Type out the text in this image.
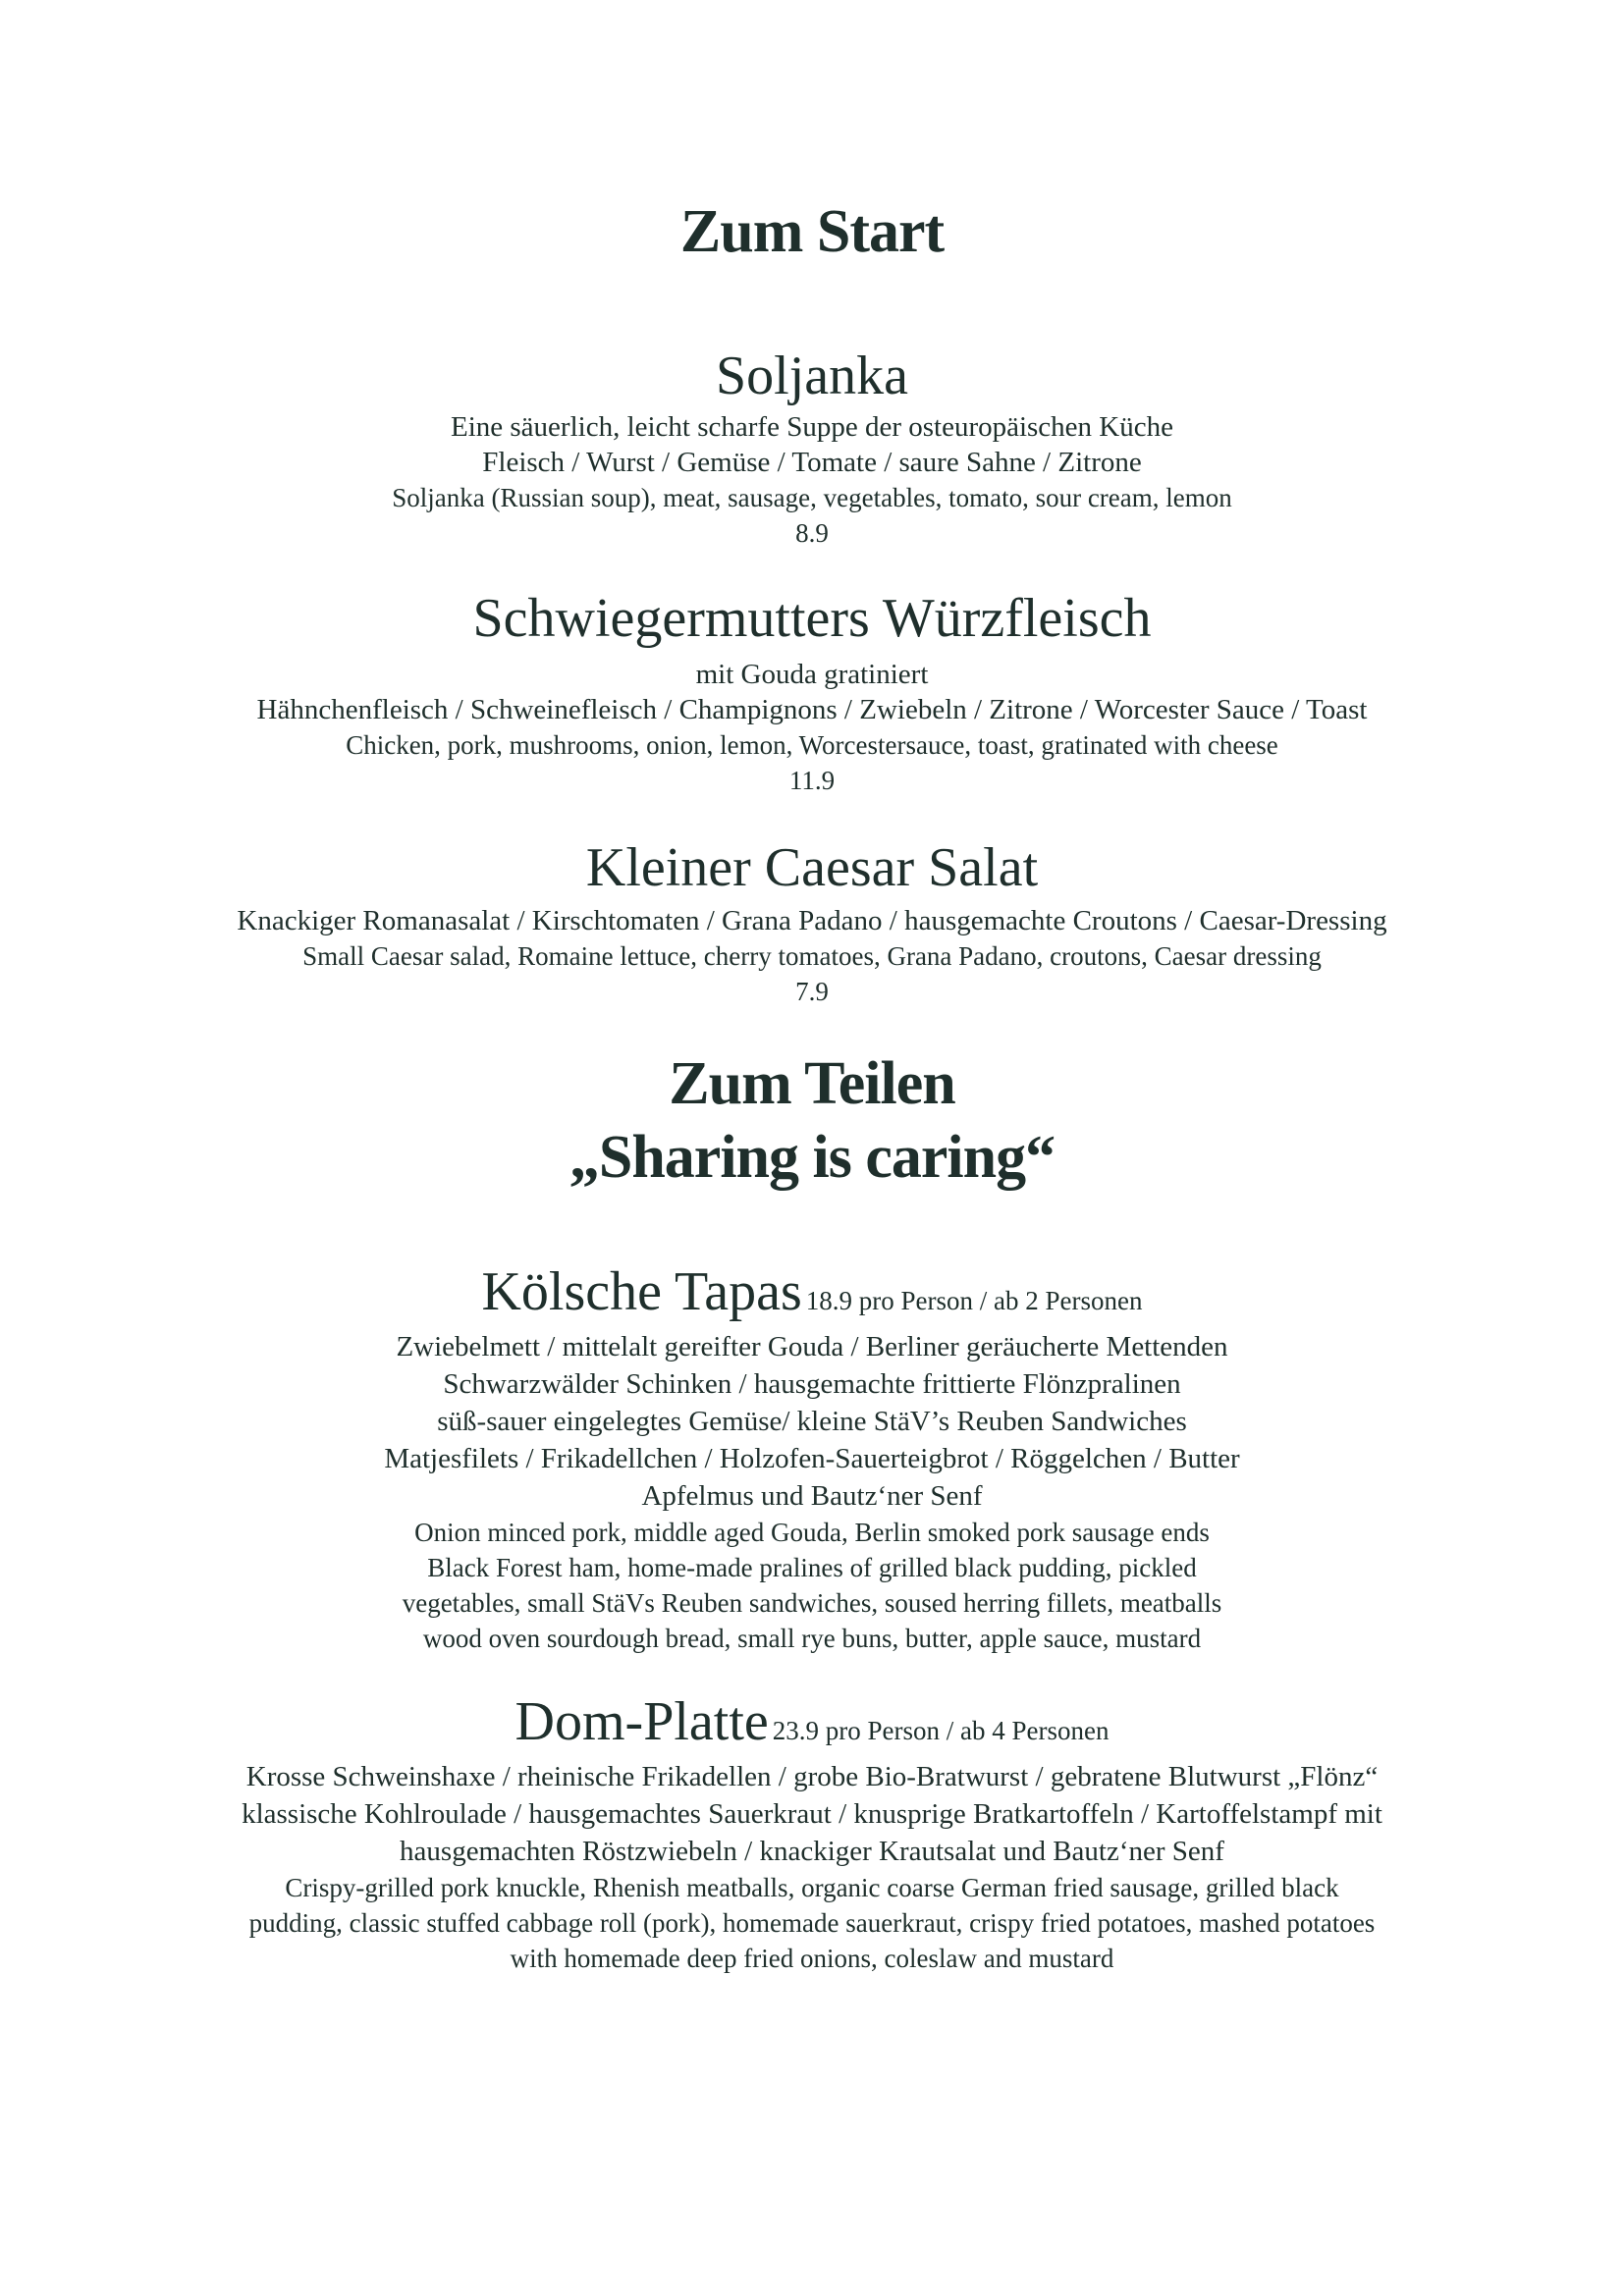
Zum Start
Soljanka
Eine säuerlich, leicht scharfe Suppe der osteuropäischen Küche
Fleisch / Wurst / Gemüse / Tomate / saure Sahne / Zitrone
Soljanka (Russian soup), meat, sausage, vegetables, tomato, sour cream, lemon
8.9
Schwiegermutters Würzfleisch
mit Gouda gratiniert
Hähnchenfleisch / Schweinefleisch / Champignons / Zwiebeln / Zitrone / Worcester Sauce / Toast
Chicken, pork, mushrooms, onion, lemon, Worcestersauce, toast, gratinated with cheese
11.9
Kleiner Caesar Salat
Knackiger Romanasalat / Kirschtomaten / Grana Padano / hausgemachte Croutons / Caesar-Dressing
Small Caesar salad, Romaine lettuce, cherry tomatoes, Grana Padano, croutons, Caesar dressing
7.9
Zum Teilen
„Sharing is caring“
Kölsche Tapas 18.9 pro Person / ab 2 Personen
Zwiebelmett / mittelalt gereifter Gouda / Berliner geräucherte Mettenden
Schwarzwälder Schinken / hausgemachte frittierte Flönzpralinen
süß-sauer eingelegtes Gemüse/ kleine StäV’s Reuben Sandwiches
Matjesfilets / Frikadellchen / Holzofen-Sauerteigbrot / Röggelchen / Butter
Apfelmus und Bautz‘ner Senf
Onion minced pork, middle aged Gouda, Berlin smoked pork sausage ends
Black Forest ham, home-made pralines of grilled black pudding, pickled
vegetables, small StäVs Reuben sandwiches, soused herring fillets, meatballs
wood oven sourdough bread, small rye buns, butter, apple sauce, mustard
Dom-Platte 23.9 pro Person / ab 4 Personen
Krosse Schweinshaxe / rheinische Frikadellen / grobe Bio-Bratwurst / gebratene Blutwurst „Flönz“
klassische Kohlroulade / hausgemachtes Sauerkraut / knusprige Bratkartoffeln / Kartoffelstampf mit
hausgemachten Röstzwiebeln / knackiger Krautsalat und Bautz‘ner Senf
Crispy-grilled pork knuckle, Rhenish meatballs, organic coarse German fried sausage, grilled black
pudding, classic stuffed cabbage roll (pork), homemade sauerkraut, crispy fried potatoes, mashed potatoes
with homemade deep fried onions, coleslaw and mustard
